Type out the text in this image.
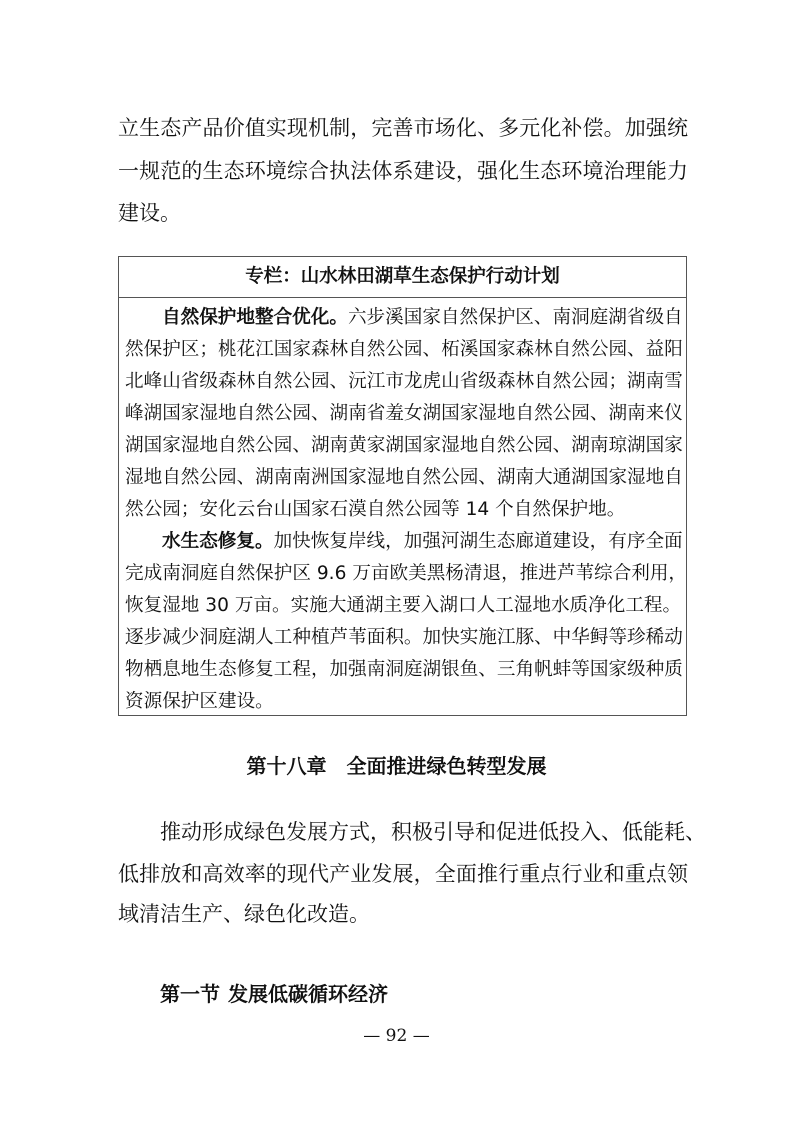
立生态产品价值实现机制，完善市场化、多元化补偿。加强统
一规范的生态环境综合执法体系建设，强化生态环境治理能力
建设。
专栏：山水林田湖草生态保护行动计划
自然保护地整合优化。六步溪国家自然保护区、南洞庭湖省级自
然保护区；桃花江国家森林自然公园、柘溪国家森林自然公园、益阳
北峰山省级森林自然公园、沅江市龙虎山省级森林自然公园；湖南雪
峰湖国家湿地自然公园、湖南省羞女湖国家湿地自然公园、湖南来仪
湖国家湿地自然公园、湖南黄家湖国家湿地自然公园、湖南琼湖国家
湿地自然公园、湖南南洲国家湿地自然公园、湖南大通湖国家湿地自
然公园；安化云台山国家石漠自然公园等 14 个自然保护地。
水生态修复。加快恢复岸线，加强河湖生态廊道建设，有序全面
完成南洞庭自然保护区 9.6 万亩欧美黑杨清退，推进芦苇综合利用，
恢复湿地 30 万亩。实施大通湖主要入湖口人工湿地水质净化工程。
逐步减少洞庭湖人工种植芦苇面积。加快实施江豚、中华鲟等珍稀动
物栖息地生态修复工程，加强南洞庭湖银鱼、三角帆蚌等国家级种质
资源保护区建设。
第十八章 全面推进绿色转型发展
推动形成绿色发展方式，积极引导和促进低投入、低能耗、
低排放和高效率的现代产业发展，全面推行重点行业和重点领
域清洁生产、绿色化改造。
第一节 发展低碳循环经济
— 92 —
